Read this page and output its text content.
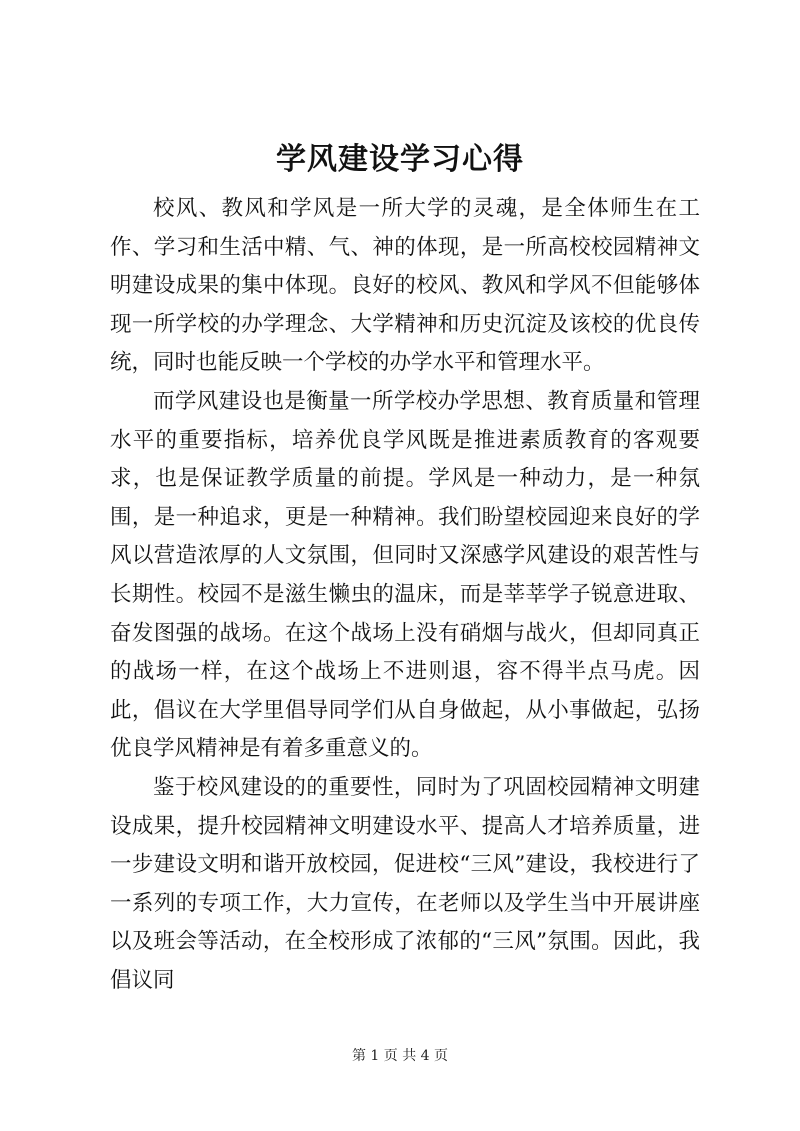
学风建设学习心得

校风、教风和学风是一所大学的灵魂，是全体师生在工作、学习和生活中精、气、神的体现，是一所高校校园精神文明建设成果的集中体现。良好的校风、教风和学风不但能够体现一所学校的办学理念、大学精神和历史沉淀及该校的优良传统，同时也能反映一个学校的办学水平和管理水平。

而学风建设也是衡量一所学校办学思想、教育质量和管理水平的重要指标，培养优良学风既是推进素质教育的客观要求，也是保证教学质量的前提。学风是一种动力，是一种氛围，是一种追求，更是一种精神。我们盼望校园迎来良好的学风以营造浓厚的人文氛围，但同时又深感学风建设的艰苦性与长期性。校园不是滋生懒虫的温床，而是莘莘学子锐意进取、奋发图强的战场。在这个战场上没有硝烟与战火，但却同真正的战场一样，在这个战场上不进则退，容不得半点马虎。因此，倡议在大学里倡导同学们从自身做起，从小事做起，弘扬优良学风精神是有着多重意义的。

鉴于校风建设的的重要性，同时为了巩固校园精神文明建设成果，提升校园精神文明建设水平、提高人才培养质量，进一步建设文明和谐开放校园，促进校“三风”建设，我校进行了一系列的专项工作，大力宣传，在老师以及学生当中开展讲座以及班会等活动，在全校形成了浓郁的“三风”氛围。因此，我倡议同

第 1 页 共 4 页
